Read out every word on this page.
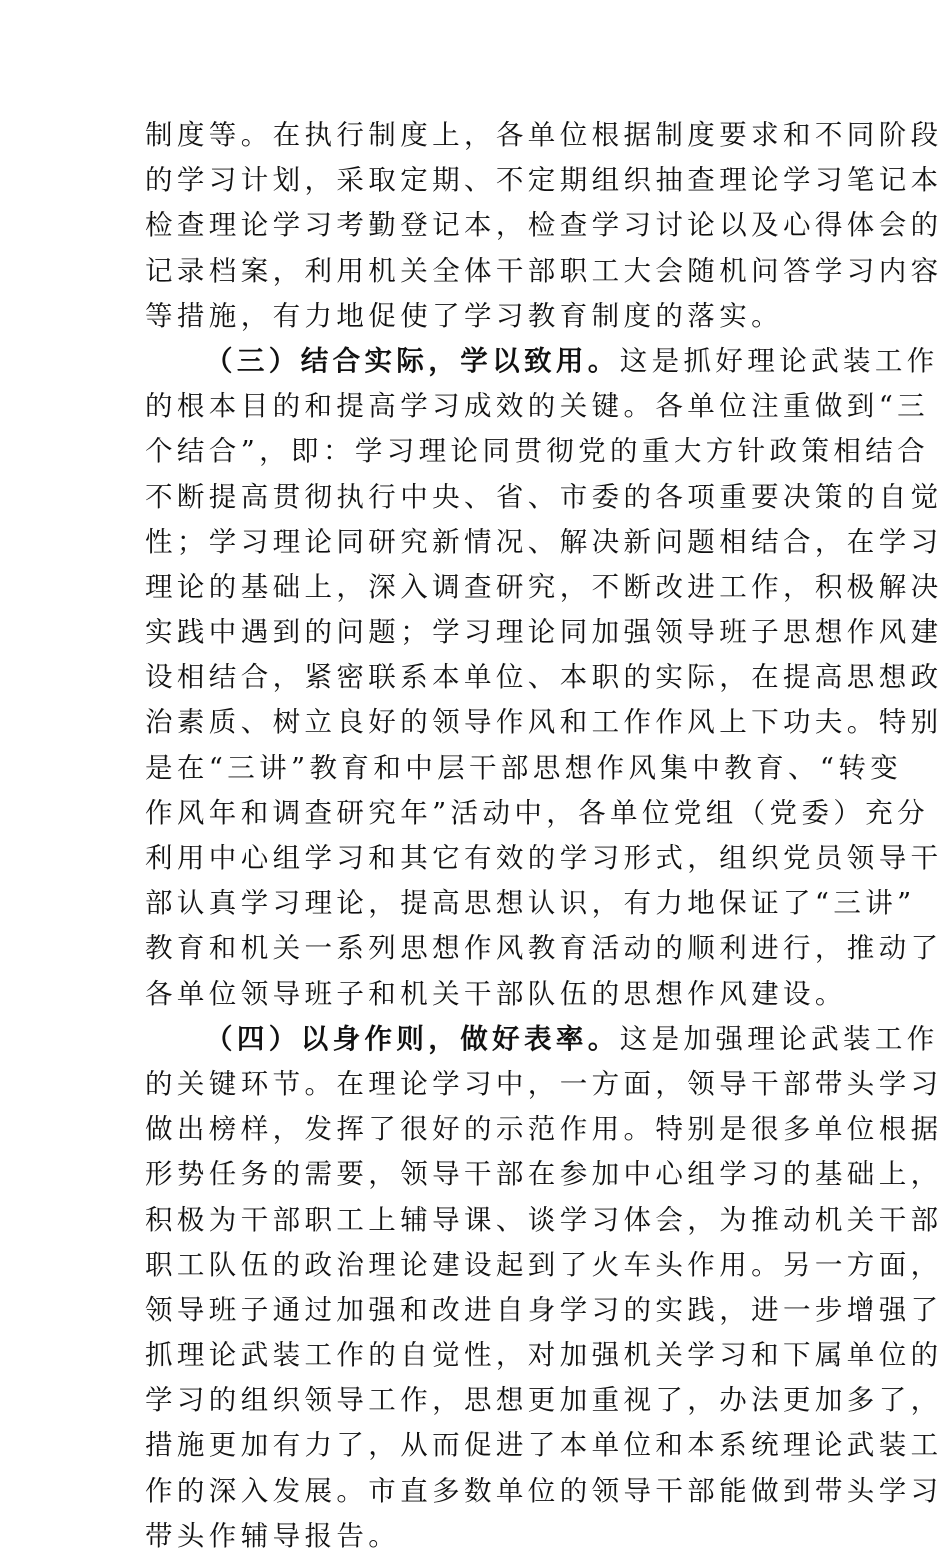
制度等。在执行制度上，各单位根据制度要求和不同阶段
的学习计划，采取定期、不定期组织抽查理论学习笔记本
检查理论学习考勤登记本，检查学习讨论以及心得体会的
记录档案，利用机关全体干部职工大会随机问答学习内容
等措施，有力地促使了学习教育制度的落实。
（三）结合实际，学以致用。这是抓好理论武装工作
的根本目的和提高学习成效的关键。各单位注重做到“三
个结合”，即：学习理论同贯彻党的重大方针政策相结合
不断提高贯彻执行中央、省、市委的各项重要决策的自觉
性；学习理论同研究新情况、解决新问题相结合，在学习
理论的基础上，深入调查研究，不断改进工作，积极解决
实践中遇到的问题；学习理论同加强领导班子思想作风建
设相结合，紧密联系本单位、本职的实际，在提高思想政
治素质、树立良好的领导作风和工作作风上下功夫。特别
是在“三讲”教育和中层干部思想作风集中教育、“转变
作风年和调查研究年”活动中，各单位党组（党委）充分
利用中心组学习和其它有效的学习形式，组织党员领导干
部认真学习理论，提高思想认识，有力地保证了“三讲”
教育和机关一系列思想作风教育活动的顺利进行，推动了
各单位领导班子和机关干部队伍的思想作风建设。
（四）以身作则，做好表率。这是加强理论武装工作
的关键环节。在理论学习中，一方面，领导干部带头学习
做出榜样，发挥了很好的示范作用。特别是很多单位根据
形势任务的需要，领导干部在参加中心组学习的基础上，
积极为干部职工上辅导课、谈学习体会，为推动机关干部
职工队伍的政治理论建设起到了火车头作用。另一方面，
领导班子通过加强和改进自身学习的实践，进一步增强了
抓理论武装工作的自觉性，对加强机关学习和下属单位的
学习的组织领导工作，思想更加重视了，办法更加多了，
措施更加有力了，从而促进了本单位和本系统理论武装工
作的深入发展。市直多数单位的领导干部能做到带头学习
带头作辅导报告。
